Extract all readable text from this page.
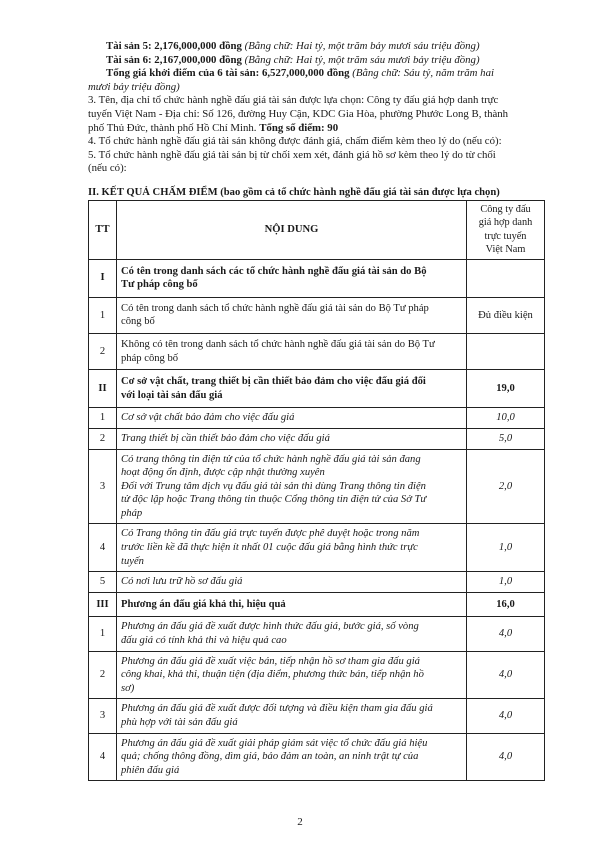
Tài sản 5: 2,176,000,000 đồng (Bằng chữ: Hai tỷ, một trăm bảy mươi sáu triệu đồng)
Tài sản 6: 2,167,000,000 đồng (Bằng chữ: Hai tỷ, một trăm sáu mươi bảy triệu đồng)
Tổng giá khởi điểm của 6 tài sản: 6,527,000,000 đồng (Bằng chữ: Sáu tỷ, năm trăm hai
mươi bảy triệu đồng)
3. Tên, địa chỉ tổ chức hành nghề đấu giá tài sản được lựa chọn: Công ty đấu giá hợp danh trực
tuyến Việt Nam - Địa chỉ: Số 126, đường Huy Cận, KDC Gia Hòa, phường Phước Long B, thành
phố Thủ Đức, thành phố Hồ Chí Minh. Tổng số điểm: 90
4. Tổ chức hành nghề đấu giá tài sản không được đánh giá, chấm điểm kèm theo lý do (nếu có):
5. Tổ chức hành nghề đấu giá tài sản bị từ chối xem xét, đánh giá hồ sơ kèm theo lý do từ chối
(nếu có):
II. KẾT QUẢ CHẤM ĐIỂM (bao gồm cả tổ chức hành nghề đấu giá tài sản được lựa chọn)
TT	NỘI DUNG	Công ty đấu
giá hợp danh
trực tuyến
Việt Nam

I	Có tên trong danh sách các tổ chức hành nghề đấu giá tài sản do Bộ
Tư pháp công bố	

1	Có tên trong danh sách tổ chức hành nghề đấu giá tài sản do Bộ Tư pháp
công bố	Đủ điều kiện
2	Không có tên trong danh sách tổ chức hành nghề đấu giá tài sản do Bộ Tư
pháp công bố	

II	Cơ sở vật chất, trang thiết bị cần thiết bảo đảm cho việc đấu giá đối
với loại tài sản đấu giá	19,0
1	Cơ sở vật chất bảo đảm cho việc đấu giá	10,0
2	Trang thiết bị cần thiết bảo đảm cho việc đấu giá	5,0
3	Có trang thông tin điện tử của tổ chức hành nghề đấu giá tài sản đang
hoạt động ổn định, được cập nhật thường xuyên
Đối với Trung tâm dịch vụ đấu giá tài sản thì dùng Trang thông tin điện
tử độc lập hoặc Trang thông tin thuộc Cổng thông tin điện tử của Sở Tư
pháp	2,0
4	Có Trang thông tin đấu giá trực tuyến được phê duyệt hoặc trong năm
trước liền kề đã thực hiện ít nhất 01 cuộc đấu giá bằng hình thức trực
tuyến	1,0
5	Có nơi lưu trữ hồ sơ đấu giá	1,0
III	Phương án đấu giá khả thi, hiệu quả	16,0
1	Phương án đấu giá đề xuất được hình thức đấu giá, bước giá, số vòng
đấu giá có tính khả thi và hiệu quả cao	4,0
2	Phương án đấu giá đề xuất việc bán, tiếp nhận hồ sơ tham gia đấu giá
công khai, khả thi, thuận tiện (địa điểm, phương thức bán, tiếp nhận hồ
sơ)	4,0
3	Phương án đấu giá đề xuất được đối tượng và điều kiện tham gia đấu giá
phù hợp với tài sản đấu giá	4,0
4	Phương án đấu giá đề xuất giải pháp giám sát việc tổ chức đấu giá hiệu
quả; chống thông đồng, dìm giá, bảo đảm an toàn, an ninh trật tự của
phiên đấu giá	4,0
2
